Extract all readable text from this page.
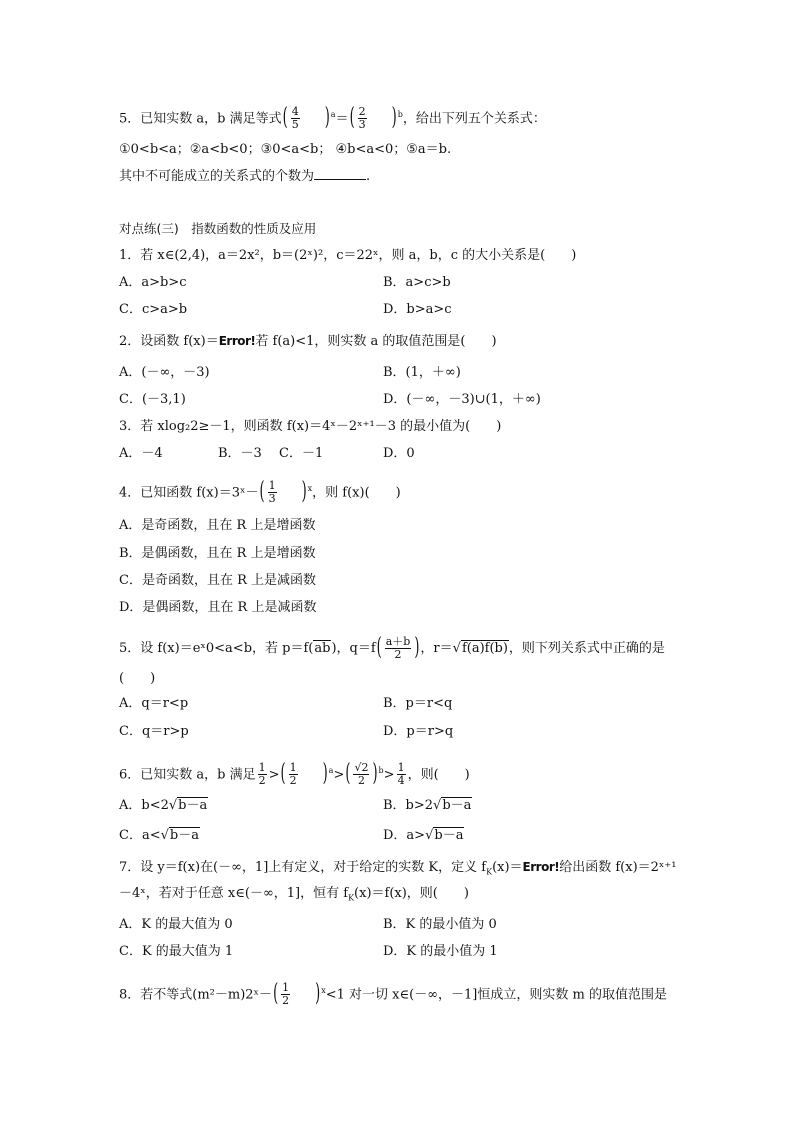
5．已知实数 a，b 满足等式( $\frac{4}{5} )^a=( \frac{2}{3} )^b$，给出下列五个关系式：
①0<b<a；②a<b<0；③0<a<b； ④b<a<0；⑤a＝b.
其中不可能成立的关系式的个数为	.
对点练(三)　指数函数的性质及应用
1．若 x∈(2,4)，a＝2x²，b＝(2ˣ)²，c＝22ˣ，则 a，b，c 的大小关系是(　　)
A．a>b>c	B．a>c>b
C．c>a>b	D．b>a>c
2．设函数 f(x)＝Error!若 f(a)<1，则实数 a 的取值范围是(　　)
A．(－∞，－3)	B．(1，＋∞)
C．(－3,1)	D．(－∞，－3)∪(1，＋∞)
3．若 xlog₂2≥－1，则函数 f(x)＝4ˣ－2ˣ⁺¹－3 的最小值为(　　)
A．－4	B．－3 C．－1	D．0
4．已知函数 f(x)＝3ˣ－( $\frac{1}{3} )^x$，则 f(x)(　　)
A．是奇函数，且在 R 上是增函数
B．是偶函数，且在 R 上是增函数
C．是奇函数，且在 R 上是减函数
D．是偶函数，且在 R 上是减函数
5．设 f(x)＝eˣ0<a<b，若 p＝f(ab)，$q=f( \frac{a+b}{2}$ )，r＝√f(a)f(b)，则下列关系式中正确的是
(　　)
A．q＝r<p	B．p＝r<q
C．q＝r>p	D．p＝r>q
6．已知实数 a，b 满足 $\frac{1}{2}$ >( $\frac{1}{2} )^a>( \frac{√2}{2} )^b> \frac{1}{4}$ ，则(　　)
A．b<2√b－a	B．b>2√b－a
C．a<√b－a	D．a>√b－a
7．设 y＝f(x)在(－∞，1]上有定义，对于给定的实数 K，定义 $f_K(x)=Error$!给出函数 f(x)＝2ˣ⁺¹
－4ˣ，若对于任意 x∈(－∞，1]，恒有 $f_K(x)=f(x)$，则(　　)
A．K 的最大值为 0	B．K 的最小值为 0
C．K 的最大值为 1	D．K 的最小值为 1
8．若不等式(m²－m)2ˣ－( $\frac{1}{2} )^x<1$ 对一切 x∈(－∞，－1]恒成立，则实数 m 的取值范围是
